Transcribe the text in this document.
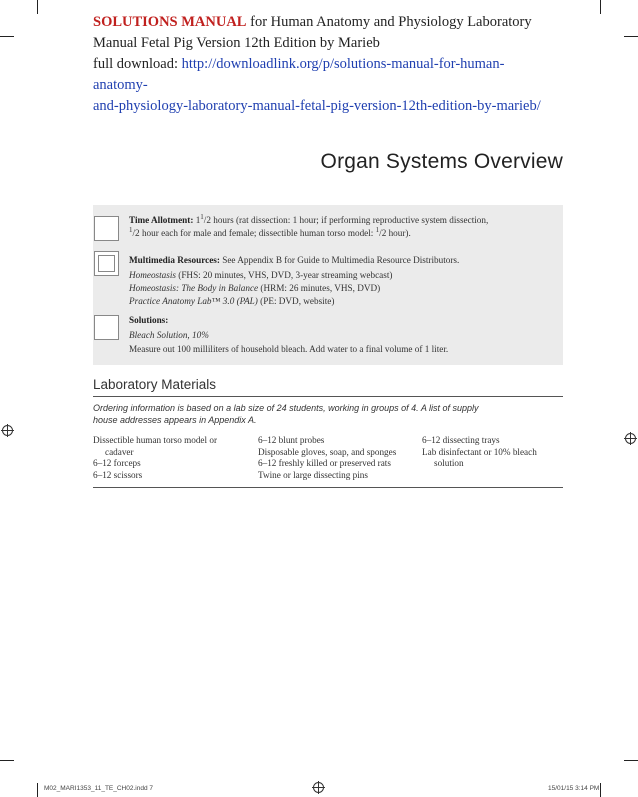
SOLUTIONS MANUAL for Human Anatomy and Physiology Laboratory
Manual Fetal Pig Version 12th Edition by Marieb
full download: http://downloadlink.org/p/solutions-manual-for-human-anatomy-
and-physiology-laboratory-manual-fetal-pig-version-12th-edition-by-marieb/
Organ Systems Overview
Time Allotment: $1^1/2$ hours (rat dissection: 1 hour; if performing reproductive system dissection,
$^1$/2 hour each for male and female; dissectible human torso model: $^1$/2 hour).
Multimedia Resources: See Appendix B for Guide to Multimedia Resource Distributors.
Homeostasis (FHS: 20 minutes, VHS, DVD, 3-year streaming webcast)
Homeostasis: The Body in Balance (HRM: 26 minutes, VHS, DVD)
Practice Anatomy Lab™ 3.0 (PAL) (PE: DVD, website)
Solutions:
Bleach Solution, 10%
Measure out 100 milliliters of household bleach. Add water to a final volume of 1 liter.
Laboratory Materials
Ordering information is based on a lab size of 24 students, working in groups of 4. A list of supply
house addresses appears in Appendix A.
Dissectible human torso model or
cadaver
6–12 forceps
6–12 scissors
6–12 blunt probes
Disposable gloves, soap, and sponges
6–12 freshly killed or preserved rats
Twine or large dissecting pins
6–12 dissecting trays
Lab disinfectant or 10% bleach
solution
M02_MARI1353_11_TE_CH02.indd 7	15/01/15 3:14 PM
